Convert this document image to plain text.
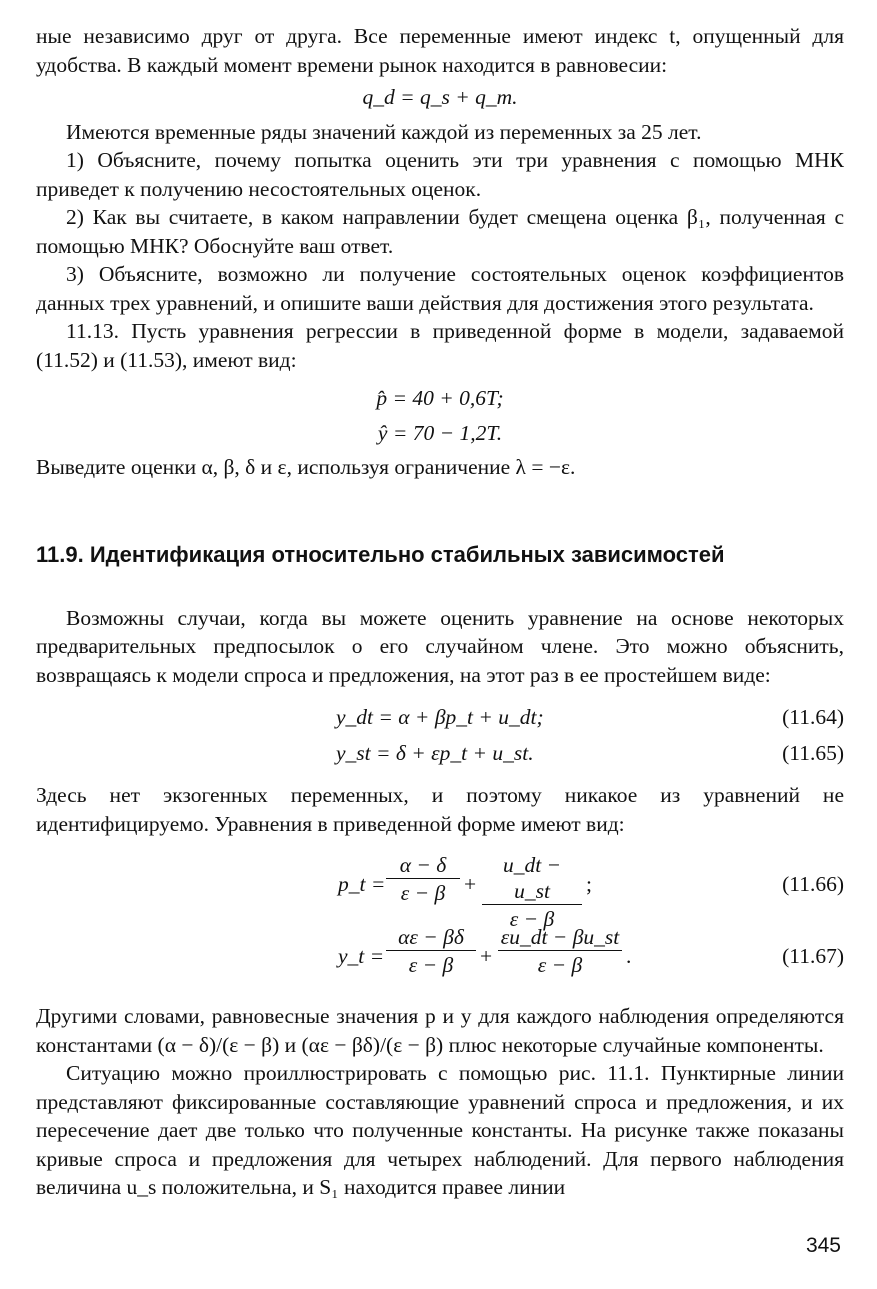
ные независимо друг от друга. Все переменные имеют индекс t, опущенный для удобства. В каждый момент времени рынок находится в равновесии:

q_d = q_s + q_m.

Имеются временные ряды значений каждой из переменных за 25 лет.

1) Объясните, почему попытка оценить эти три уравнения с помощью МНК приведет к получению несостоятельных оценок.

2) Как вы считаете, в каком направлении будет смещена оценка β₁, полученная с помощью МНК? Обоснуйте ваш ответ.

3) Объясните, возможно ли получение состоятельных оценок коэффициентов данных трех уравнений, и опишите ваши действия для достижения этого результата.

11.13. Пусть уравнения регрессии в приведенной форме в модели, задаваемой (11.52) и (11.53), имеют вид:

p̂ = 40 + 0,6T;
ŷ = 70 − 1,2T.

Выведите оценки α, β, δ и ε, используя ограничение λ = −ε.

11.9. Идентификация относительно стабильных зависимостей

Возможны случаи, когда вы можете оценить уравнение на основе некоторых предварительных предпосылок о его случайном члене. Это можно объяснить, возвращаясь к модели спроса и предложения, на этот раз в ее простейшем виде:

y_dt = α + βp_t + u_dt;	(11.64)
y_st = δ + εp_t + u_st.	(11.65)

Здесь нет экзогенных переменных, и поэтому никакое из уравнений не идентифицируемо. Уравнения в приведенной форме имеют вид:

p_t = $\frac{\alpha - \delta}{\varepsilon - \beta} + \frac{u\_dt - u\_st}{\varepsilon - \beta}$ ;	(11.66)
y_t = $\frac{\alpha\varepsilon - \beta\delta}{\varepsilon - \beta} + \frac{\varepsilon u\_dt - \beta u\_st}{\varepsilon - \beta}$ .	(11.67)

Другими словами, равновесные значения p и y для каждого наблюдения определяются константами (α − δ)/(ε − β) и (αε − βδ)/(ε − β) плюс некоторые случайные компоненты.

Ситуацию можно проиллюстрировать с помощью рис. 11.1. Пунктирные линии представляют фиксированные составляющие уравнений спроса и предложения, и их пересечение дает две только что полученные константы. На рисунке также показаны кривые спроса и предложения для четырех наблюдений. Для первого наблюдения величина u_s положительна, и S₁ находится правее линии

345
